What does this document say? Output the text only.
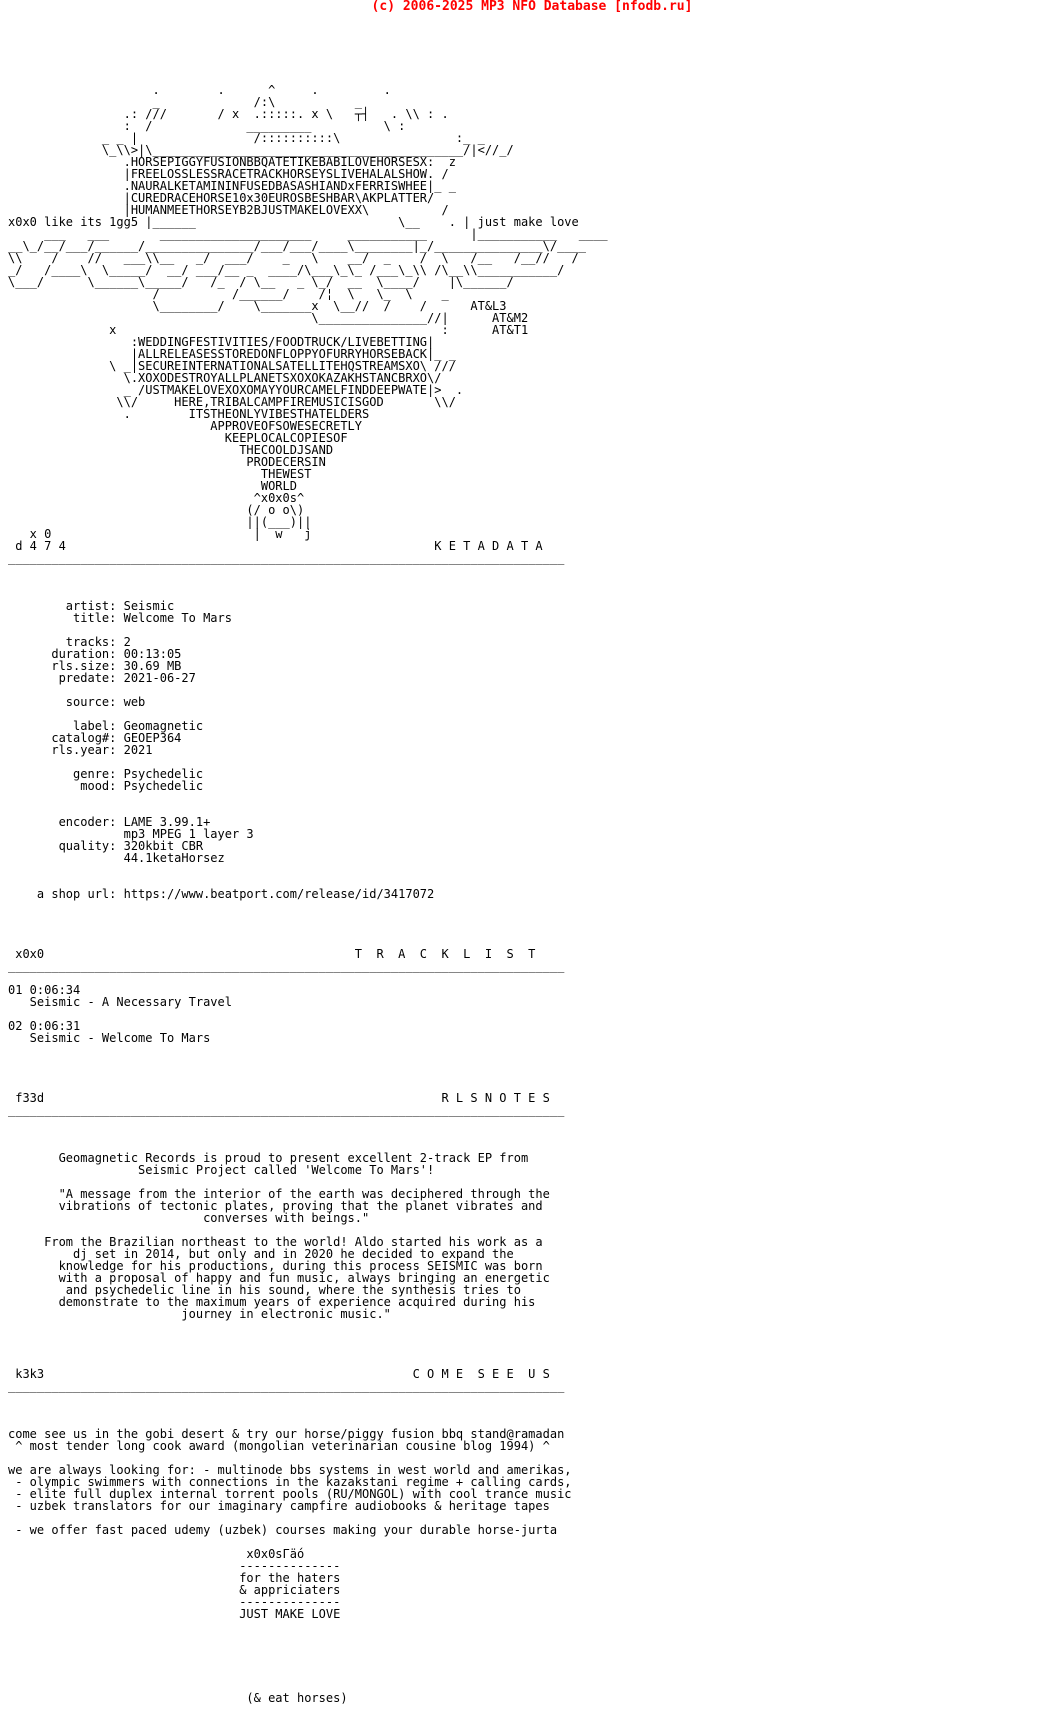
(c) 2006-2025 MP3 NFO Database [nfodb.ru]
.        .      ^     .         .
_             /:\           _
.: ///       / x  .:::::. x \   ┬┤   . \\ : .
:  /             _________          \ :
_ _ |                /::::::::::\                :_ _
\_\\>|\___________________________________________/|<//_/
.HORSEPIGGYFUSIONBBQATETIKEBABILOVEHORSESX:  z
|FREELOSSLESSRACETRACKHORSEYSLIVEHALALSHOW. /
.NAURALKETAMININFUSEDBASASHIANDxFERRISWHEE|_ _
|CUREDRACEHORSE10x30EUROSBESHBAR\AKPLATTER/
|HUMANMEETHORSEYB2BJUSTMAKELOVEXX\          /
x0x0 like its 1gg5 |______                            \__    . | just make love
___   ___       _____________________     ___________      |___________   ____
__\_/__/___/______/_______________/___/___/____\________|_/_______________\/____
\\    /    //   ___\\__   _/  ___/    _   \    __/  _    /  \   /__   /__//   /
_/   /____\  \_____/  __/ ___/__ _  ____/\___\_\_ /___\_\\ /\__\\___________/
\___/      \______\_____/   /_  / \__   _ \_/  __  \____/    |\______/
/          /______/    /¦  \   \_  \    _
\________/    \_______x  \__//  /    /      AT&L3
\_______________//|      AT&M2
x                                             :      AT&T1
:WEDDINGFESTIVITIES/FOODTRUCK/LIVEBETTING|
|ALLRELEASESSTOREDONFLOPPYOFURRYHORSEBACK|_ _
\ _|SECUREINTERNATIONALSATELLITEHQSTREAMSXO\ ///
\.XOXODESTROYALLPLANETSXOXOKAZAKHSTANCBRXO\/
_ /USTMAKELOVEXOXOMAYYOURCAMELFINDDEEPWATE|>  .
\\/     HERE,TRIBALCAMPFIREMUSICISGOD       \\/
.        ITSTHEONLYVIBESTHATELDERS
APPROVEOFSOWESECRETLY
KEEPLOCALCOPIESOF
THECOOLDJSAND
PRODECERSIN
THEWEST
WORLD
^x0x0s^
(/ o o\)
||(___)||
x 0                            |  w   j
d 4 7 4                                                   K E T A D A T A
_____________________________________________________________________________

artist: Seismic
title: Welcome To Mars

tracks: 2
duration: 00:13:05
rls.size: 30.69 MB
predate: 2021-06-27

source: web

label: Geomagnetic
catalog#: GEOEP364
rls.year: 2021

genre: Psychedelic
mood: Psychedelic

encoder: LAME 3.99.1+
mp3 MPEG 1 layer 3
quality: 320kbit CBR
44.1ketaHorsez

a shop url: https://www.beatport.com/release/id/3417072

x0x0                                           T  R  A  C  K  L  I  S  T
_____________________________________________________________________________

01 0:06:34
Seismic - A Necessary Travel

02 0:06:31
Seismic - Welcome To Mars

f33d                                                       R L S N O T E S
_____________________________________________________________________________

Geomagnetic Records is proud to present excellent 2-track EP from
Seismic Project called 'Welcome To Mars'!

"A message from the interior of the earth was deciphered through the
vibrations of tectonic plates, proving that the planet vibrates and
converses with beings."

From the Brazilian northeast to the world! Aldo started his work as a
dj set in 2014, but only and in 2020 he decided to expand the
knowledge for his productions, during this process SEISMIC was born
with a proposal of happy and fun music, always bringing an energetic
and psychedelic line in his sound, where the synthesis tries to
demonstrate to the maximum years of experience acquired during his
journey in electronic music."

k3k3                                                   C O M E  S E E  U S
_____________________________________________________________________________

come see us in the gobi desert & try our horse/piggy fusion bbq stand@ramadan
^ most tender long cook award (mongolian veterinarian cousine blog 1994) ^

we are always looking for: - multinode bbs systems in west world and amerikas,
- olympic swimmers with connections in the kazakstani regime + calling cards,
- elite full duplex internal torrent pools (RU/MONGOL) with cool trance music
- uzbek translators for our imaginary campfire audiobooks & heritage tapes

- we offer fast paced udemy (uzbek) courses making your durable horse-jurta

x0x0sГäó
--------------
for the haters
& appriciaters
--------------
JUST MAKE LOVE

(& eat horses)
